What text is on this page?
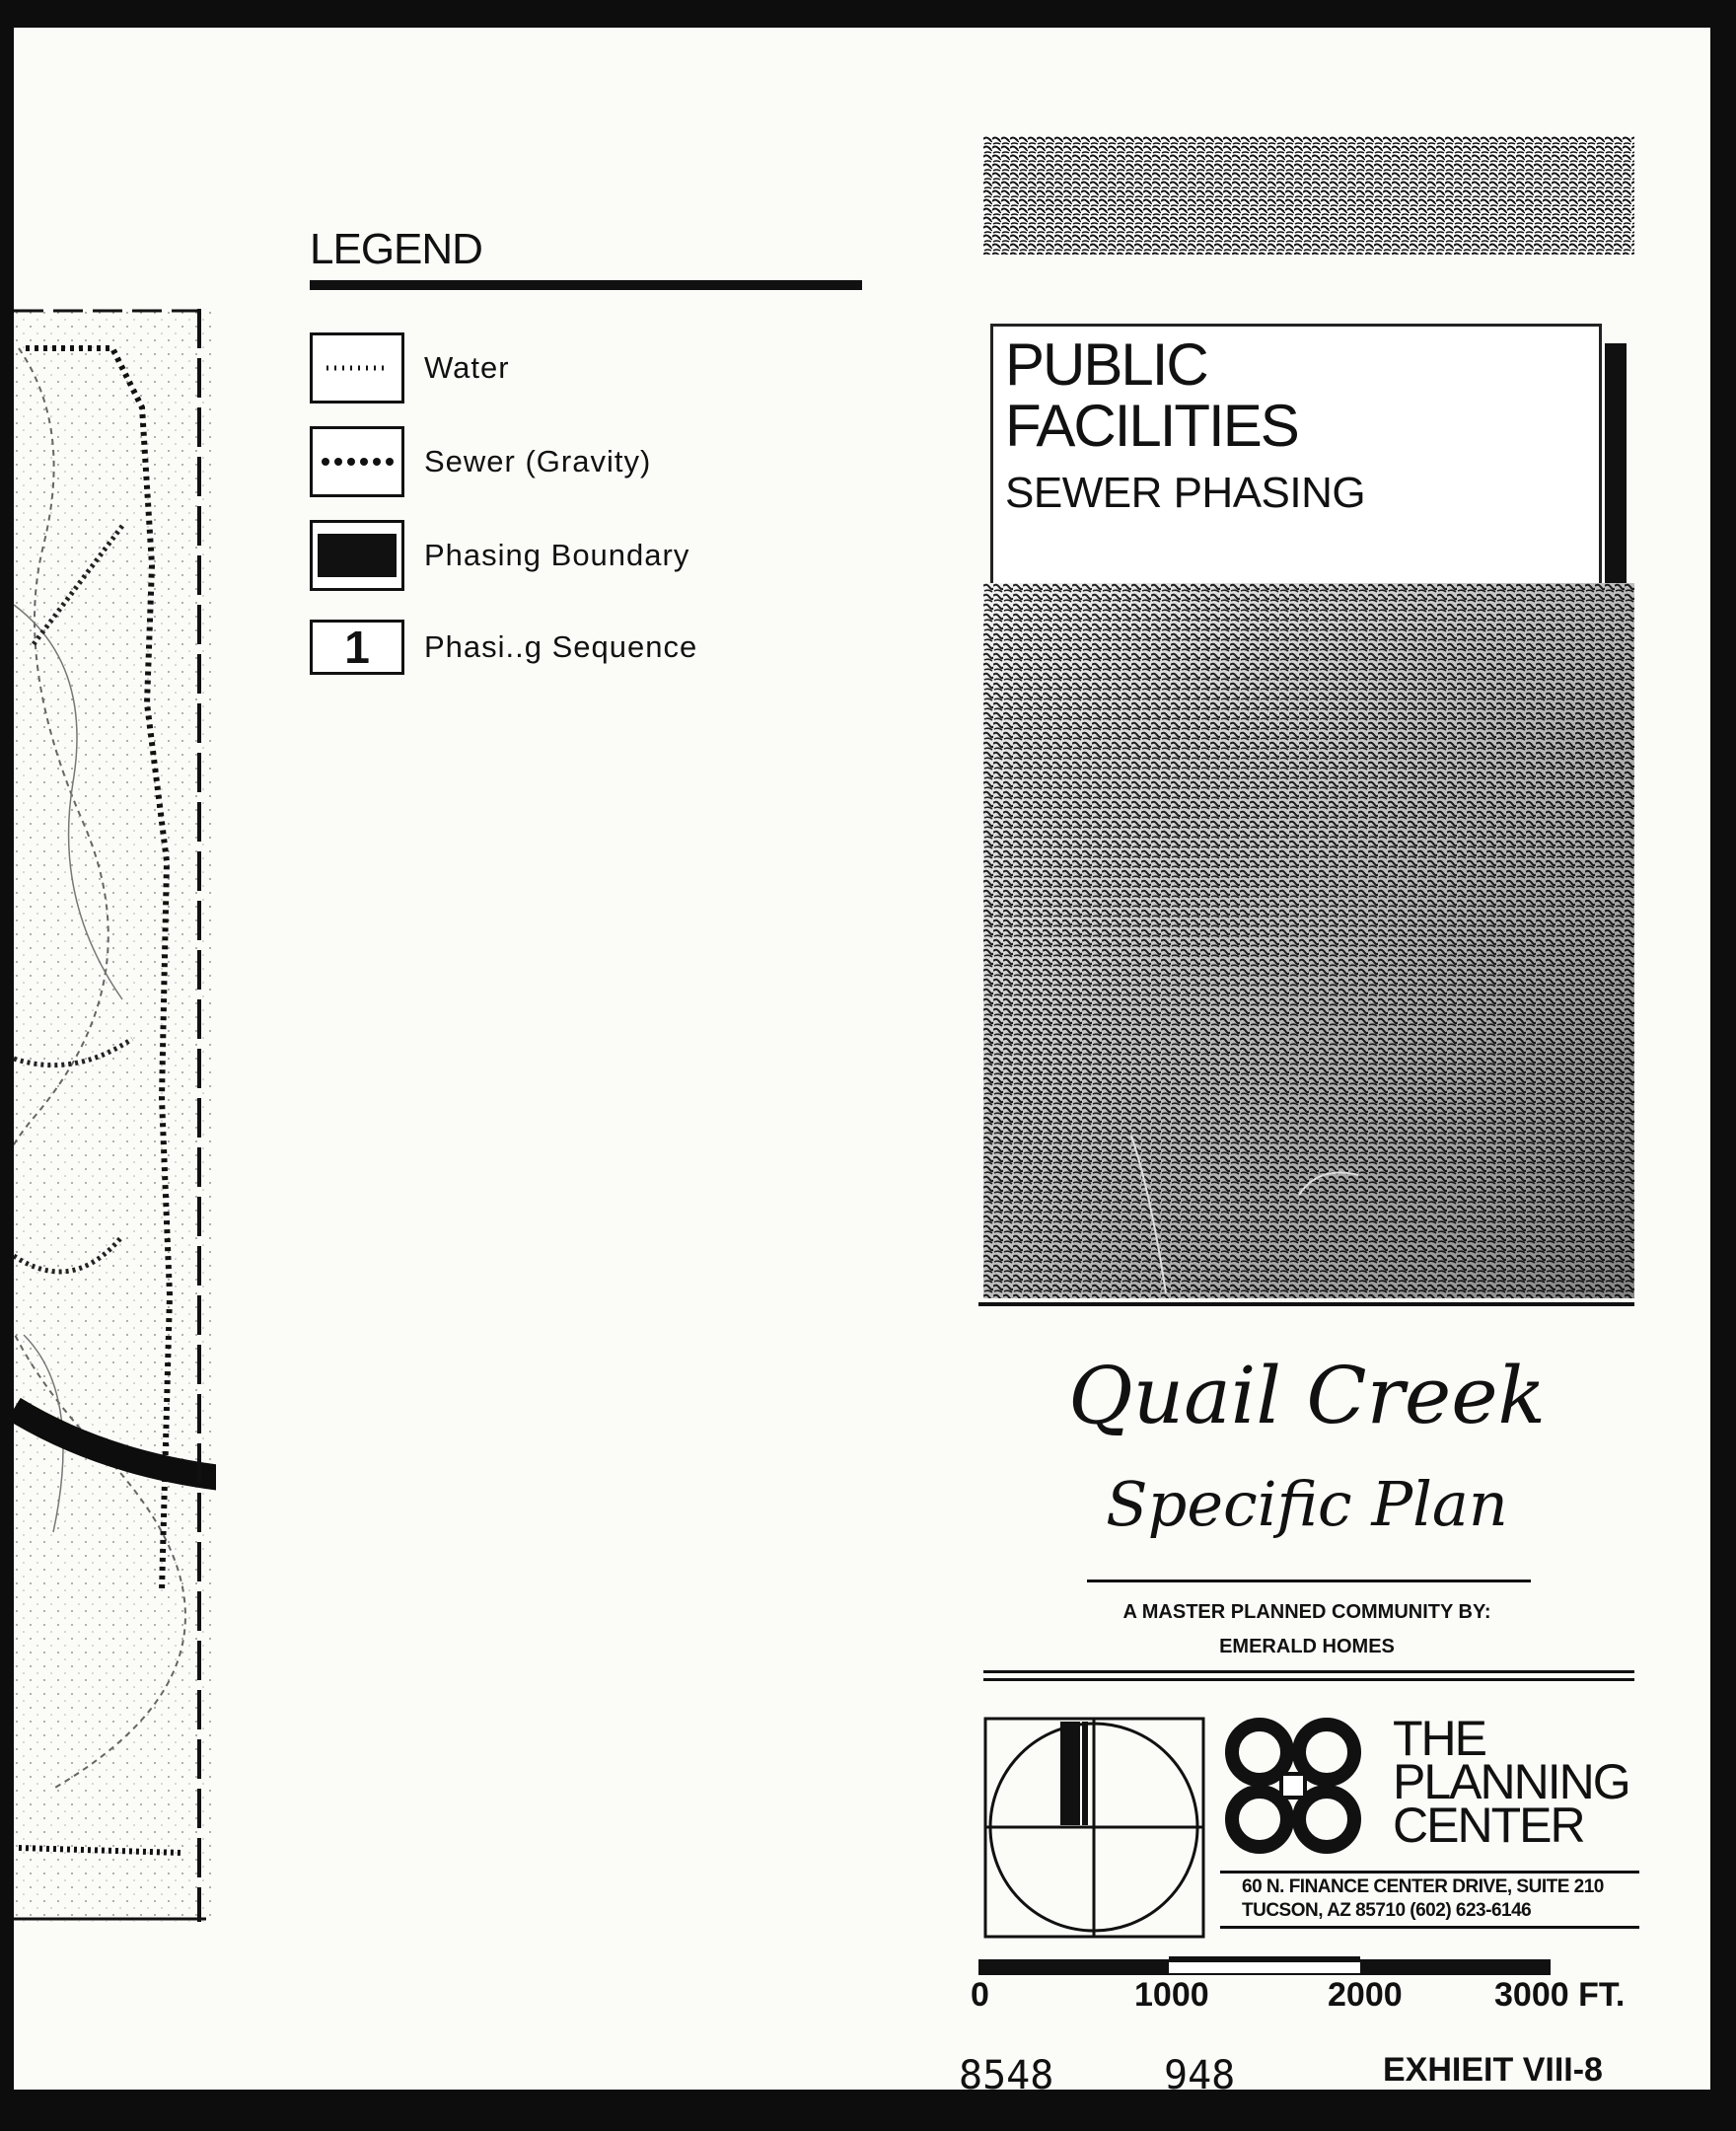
LEGEND
Water
Sewer (Gravity)
Phasing Boundary
1 Phasi..g Sequence
PUBLIC
FACILITIES
SEWER PHASING
Quail Creek
Specific Plan
A MASTER PLANNED COMMUNITY BY:
EMERALD HOMES
THE
PLANNING
CENTER
60 N. FINANCE CENTER DRIVE, SUITE 210
TUCSON, AZ 85710 (602) 623-6146
0	1000	2000	3000 FT.
8548	948	EXHIEIT VIII-8
